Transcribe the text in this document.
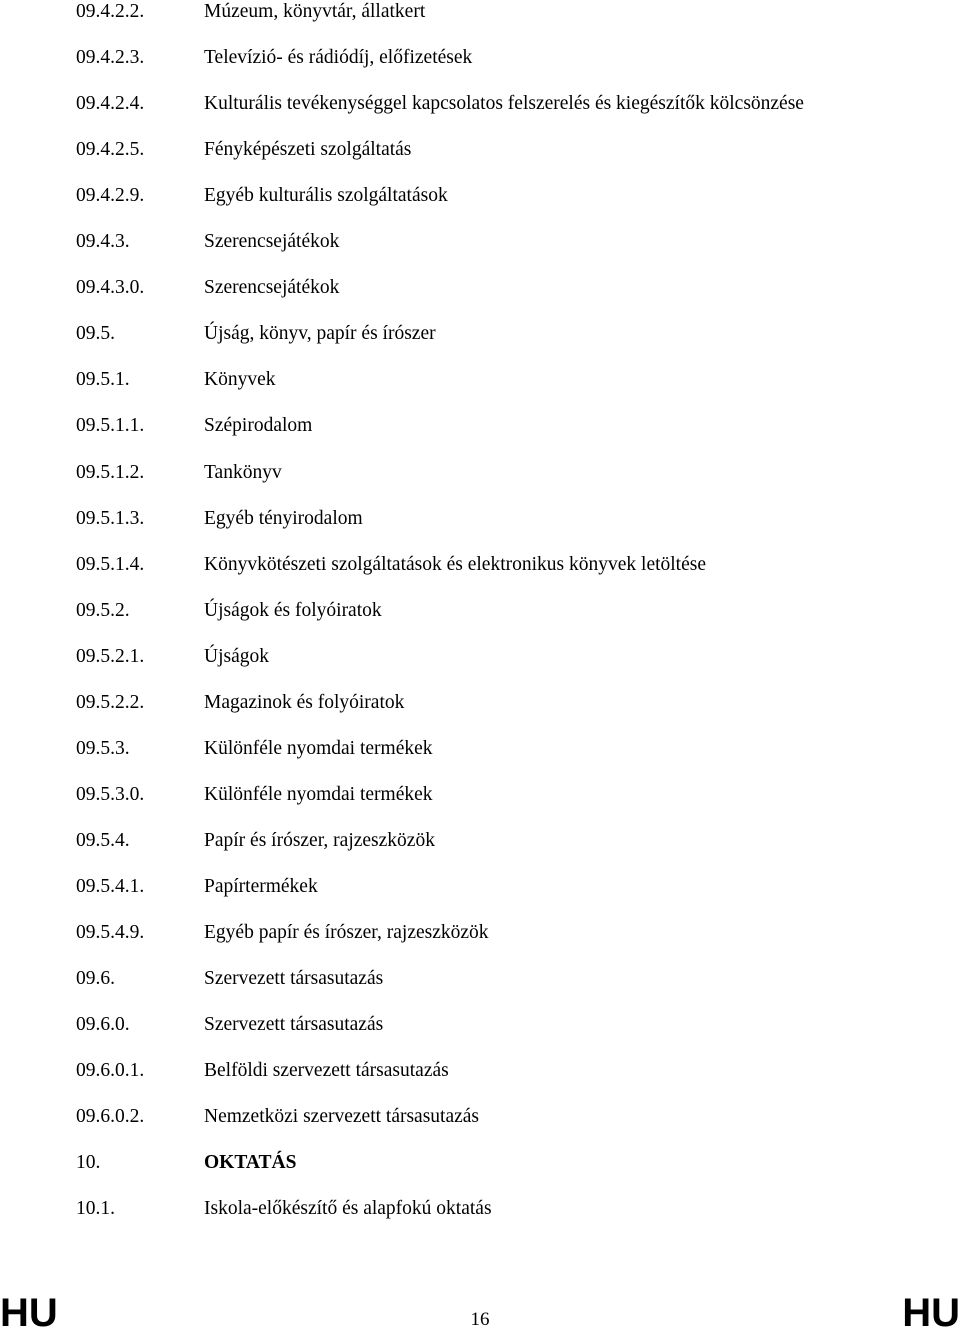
09.4.2.2.	Múzeum, könyvtár, állatkert
09.4.2.3.	Televízió- és rádiódíj, előfizetések
09.4.2.4.	Kulturális tevékenységgel kapcsolatos felszerelés és kiegészítők kölcsönzése
09.4.2.5.	Fényképészeti szolgáltatás
09.4.2.9.	Egyéb kulturális szolgáltatások
09.4.3.	Szerencsejátékok
09.4.3.0.	Szerencsejátékok
09.5.	Újság, könyv, papír és írószer
09.5.1.	Könyvek
09.5.1.1.	Szépirodalom
09.5.1.2.	Tankönyv
09.5.1.3.	Egyéb tényirodalom
09.5.1.4.	Könyvkötészeti szolgáltatások és elektronikus könyvek letöltése
09.5.2.	Újságok és folyóiratok
09.5.2.1.	Újságok
09.5.2.2.	Magazinok és folyóiratok
09.5.3.	Különféle nyomdai termékek
09.5.3.0.	Különféle nyomdai termékek
09.5.4.	Papír és írószer, rajzeszközök
09.5.4.1.	Papírtermékek
09.5.4.9.	Egyéb papír és írószer, rajzeszközök
09.6.	Szervezett társasutazás
09.6.0.	Szervezett társasutazás
09.6.0.1.	Belföldi szervezett társasutazás
09.6.0.2.	Nemzetközi szervezett társasutazás
10.	OKTATÁS
10.1.	Iskola-előkészítő és alapfokú oktatás
HU	16	HU
